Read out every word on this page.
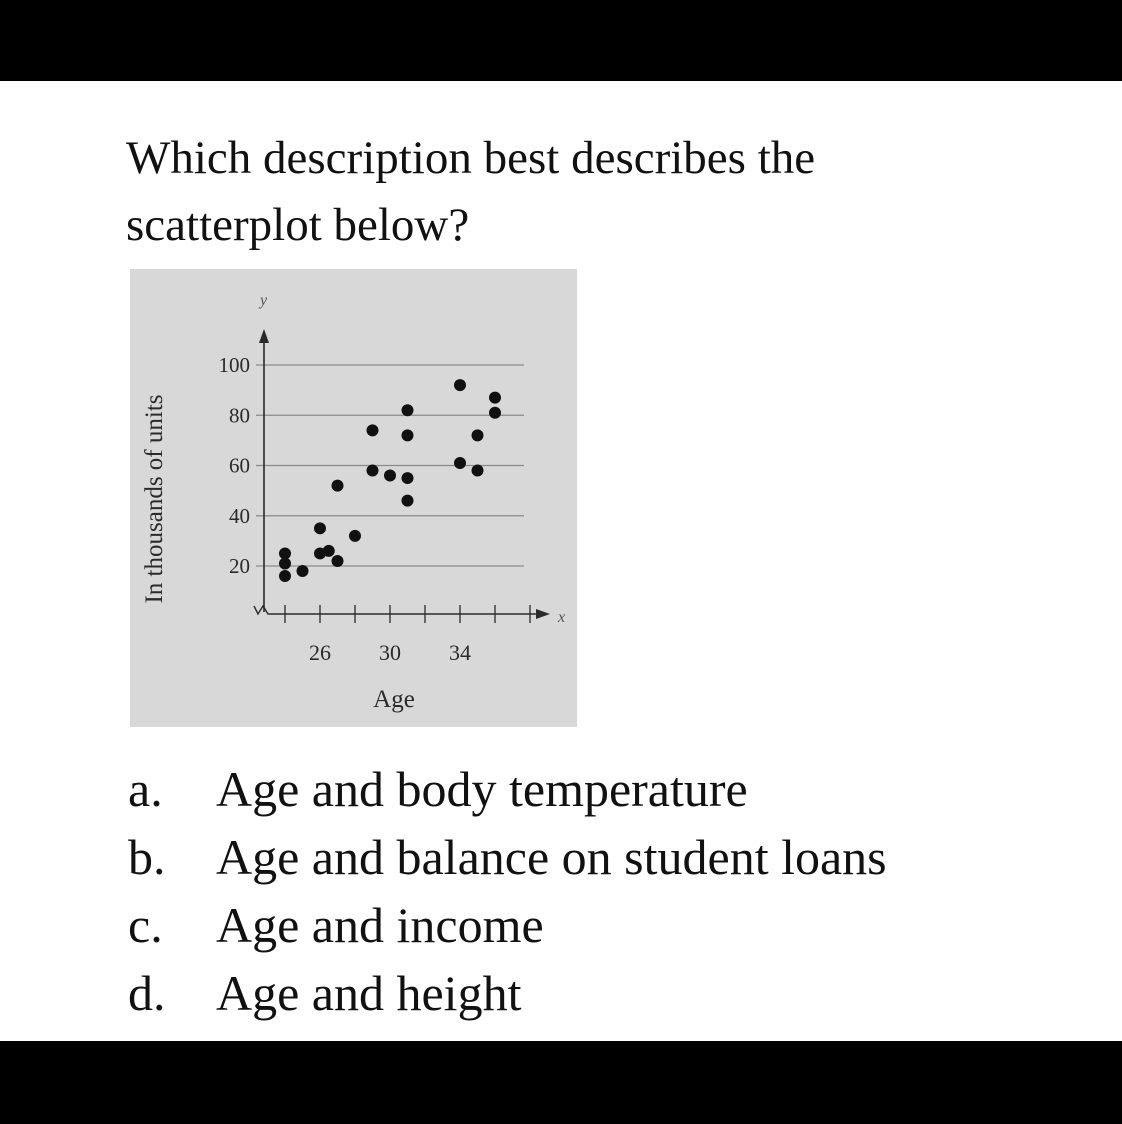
Which description best describes the
scatterplot below?
20
40
60
80
100
y
x
26 30 34
Age
In thousands of units
a.	Age and body temperature
b.	Age and balance on student loans
c.	Age and income
d.	Age and height
